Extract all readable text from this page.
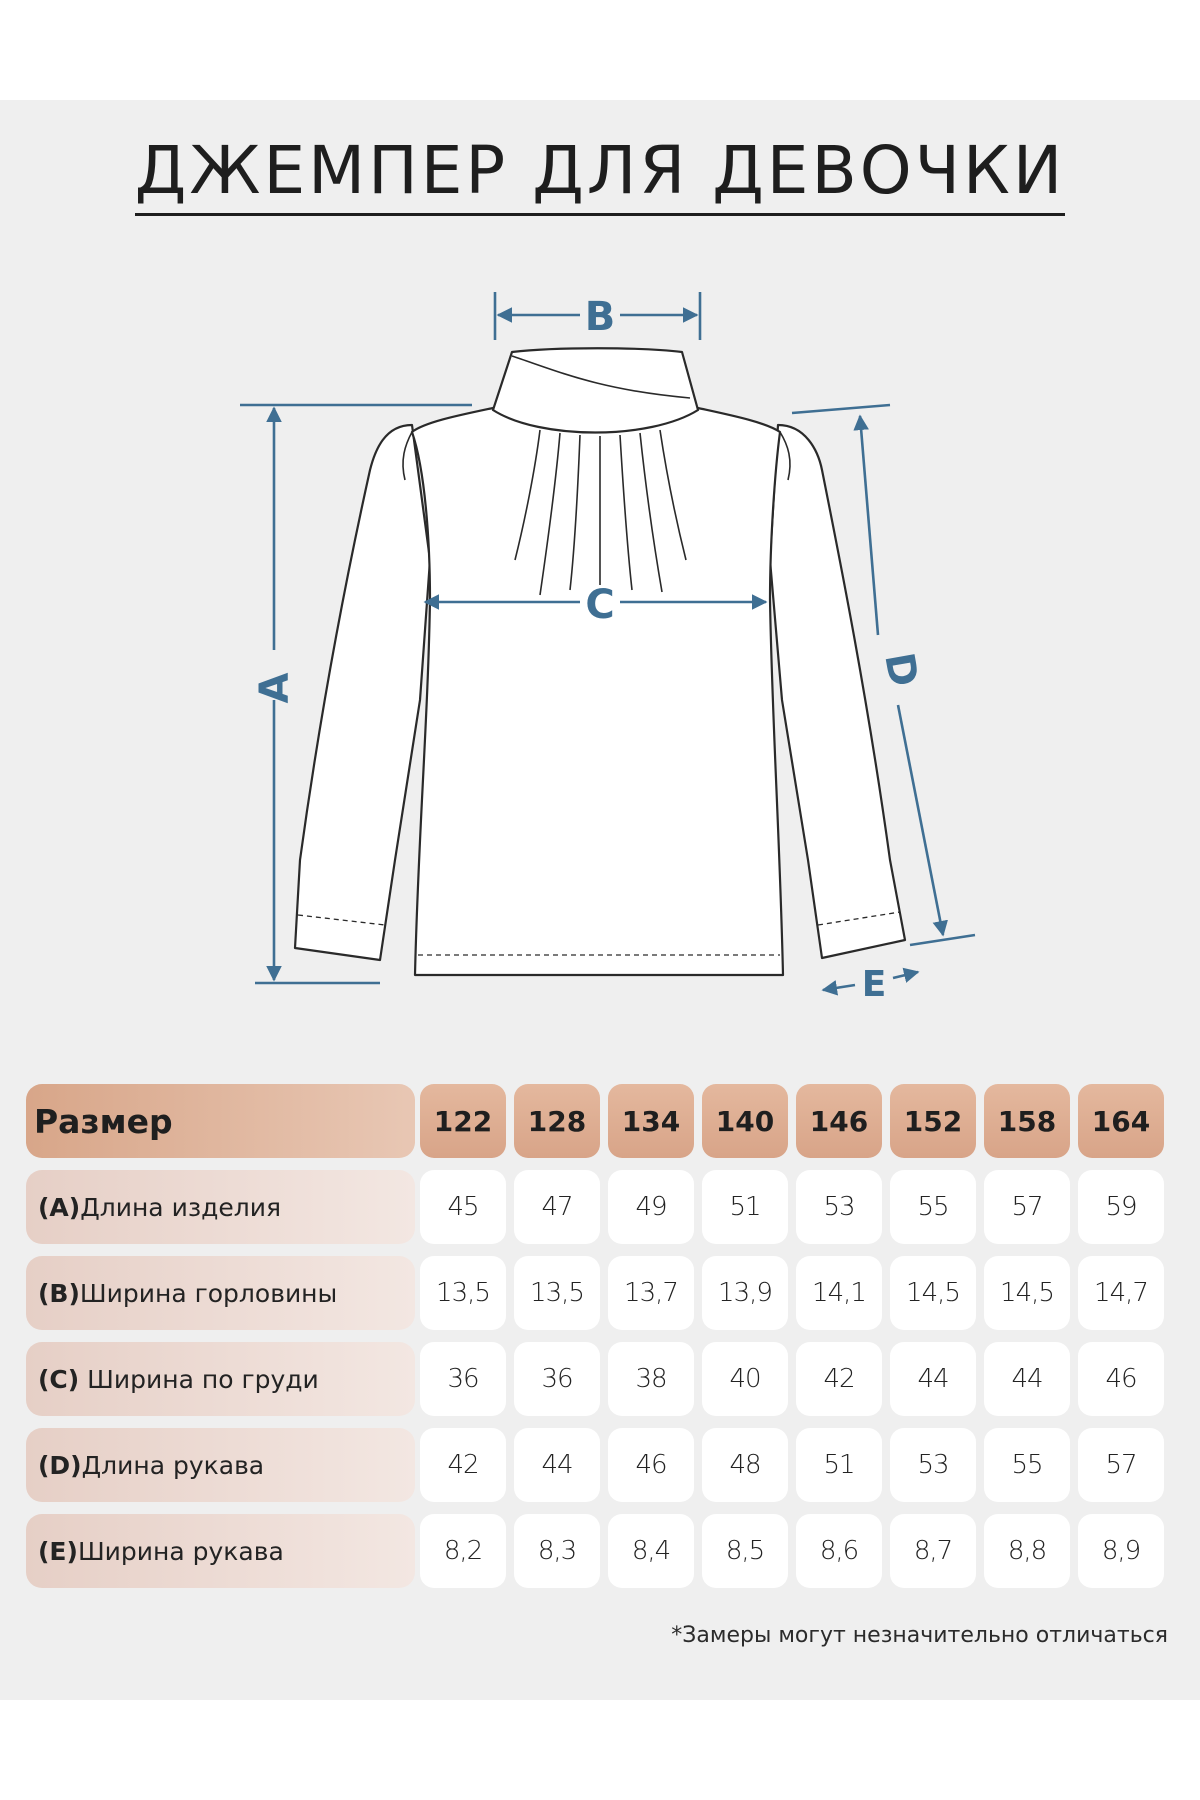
ДЖЕМПЕР ДЛЯ ДЕВОЧКИ
A
B
C
D
E
Размер	122	128	134	140	146	152	158	164
(A) Длина изделия	45	47	49	51	53	55	57	59
(B) Ширина горловины	13,5	13,5	13,7	13,9	14,1	14,5	14,5	14,7
(C) Ширина по груди	36	36	38	40	42	44	44	46
(D) Длина рукава	42	44	46	48	51	53	55	57
(E) Ширина рукава	8,2	8,3	8,4	8,5	8,6	8,7	8,8	8,9
*Замеры могут незначительно отличаться
